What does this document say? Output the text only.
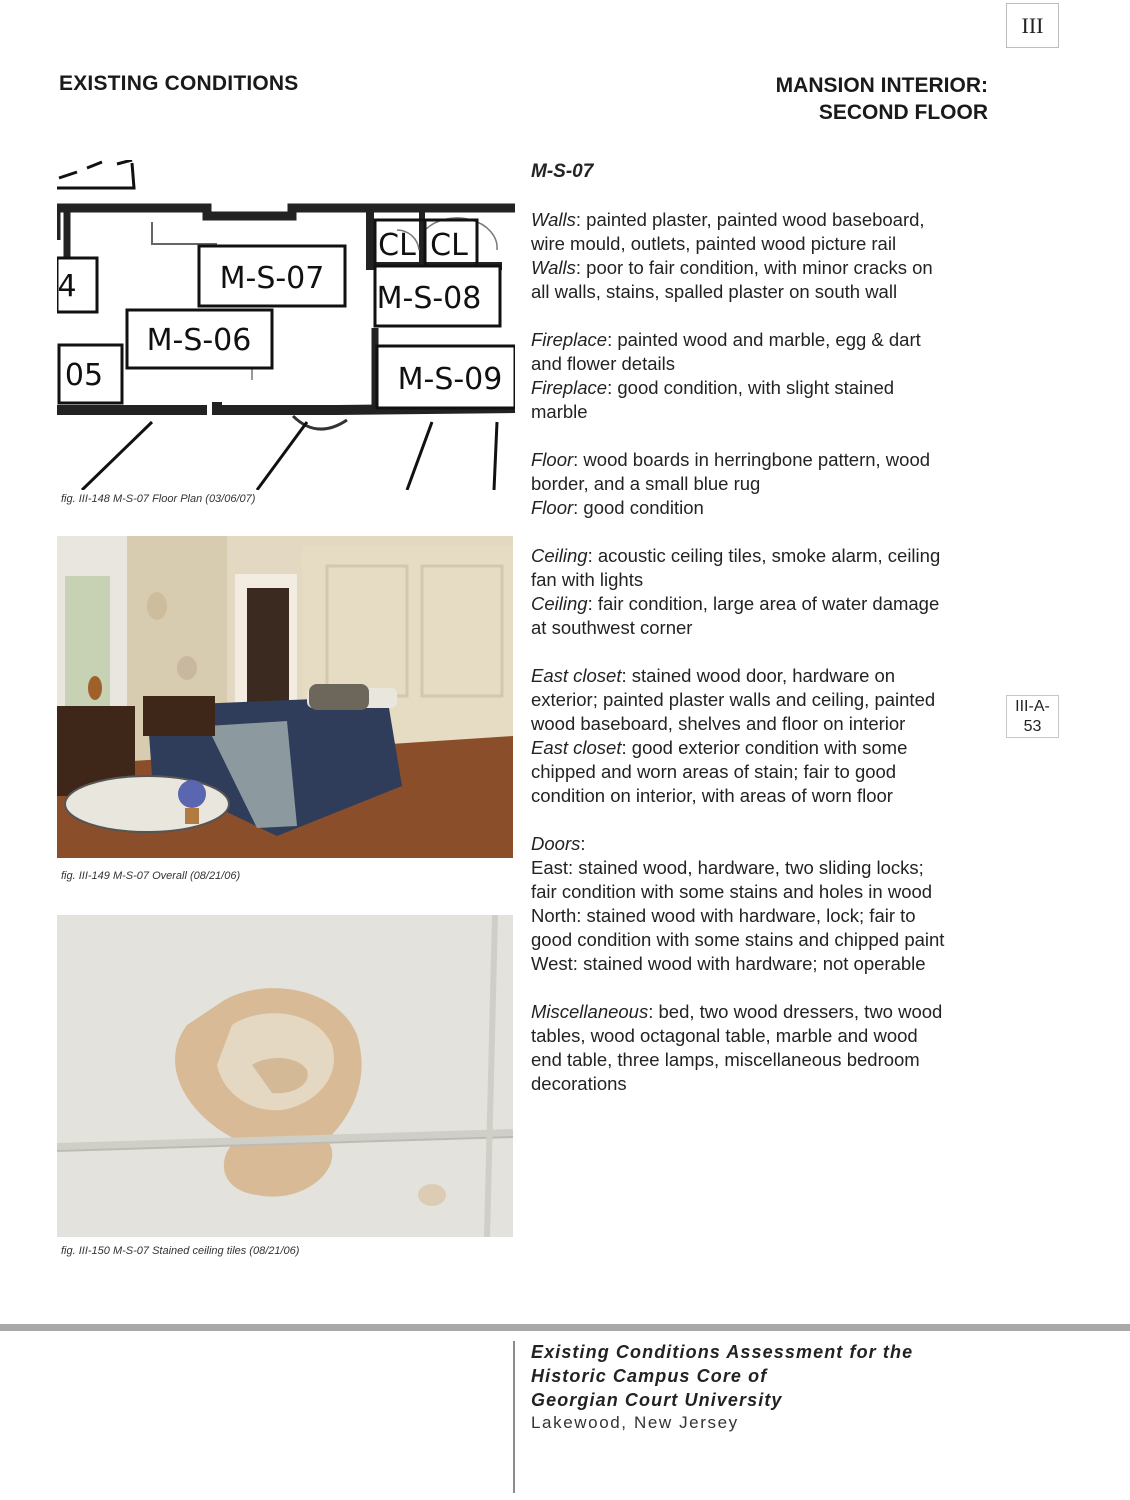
III
EXISTING CONDITIONS	MANSION INTERIOR:
SECOND FLOOR
M-S-07
M-S-06
M-S-08
M-S-09
CL CL
4
05
fig. III-148 M-S-07 Floor Plan (03/06/07)
fig. III-149 M-S-07 Overall (08/21/06)
fig. III-150 M-S-07 Stained ceiling tiles (08/21/06)
M-S-07
Walls: painted plaster, painted wood baseboard,
wire mould, outlets, painted wood picture rail
Walls: poor to fair condition, with minor cracks on
all walls, stains, spalled plaster on south wall
Fireplace: painted wood and marble, egg & dart
and flower details
Fireplace: good condition, with slight stained
marble
Floor: wood boards in herringbone pattern, wood
border, and a small blue rug
Floor: good condition
Ceiling: acoustic ceiling tiles, smoke alarm, ceiling
fan with lights
Ceiling: fair condition, large area of water damage
at southwest corner
East closet: stained wood door, hardware on
exterior; painted plaster walls and ceiling, painted
wood baseboard, shelves and floor on interior
East closet: good exterior condition with some
chipped and worn areas of stain; fair to good
condition on interior, with areas of worn floor
Doors:
East: stained wood, hardware, two sliding locks;
fair condition with some stains and holes in wood
North: stained wood with hardware, lock; fair to
good condition with some stains and chipped paint
West: stained wood with hardware; not operable
Miscellaneous: bed, two wood dressers, two wood
tables, wood octagonal table, marble and wood
end table, three lamps, miscellaneous bedroom
decorations
III-A-
53
Existing Conditions Assessment for the
Historic Campus Core of
Georgian Court University
Lakewood, New Jersey
